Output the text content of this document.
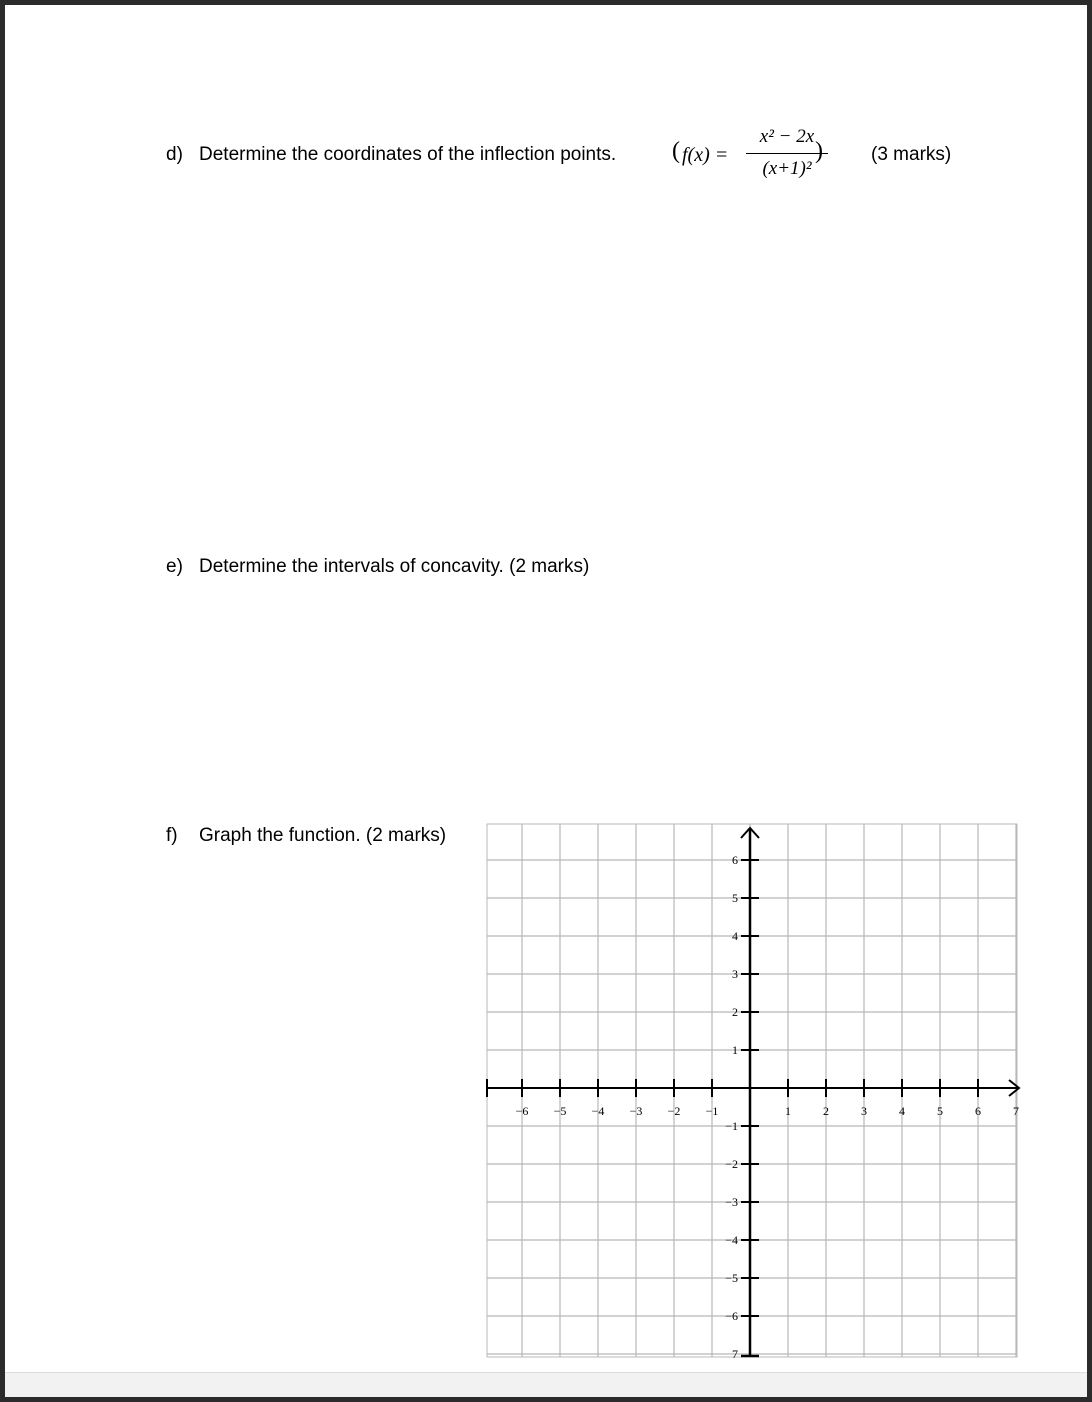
d) Determine the coordinates of the inflection points. ( f(x) =
x² − 2x
(x+1)²
)	(3 marks)
e) Determine the intervals of concavity. (2 marks)
f) Graph the function. (2 marks)
−6 −5 −4 −3 −2 −1	1	2	3	4	5	6	7
6
5
4
3
2
1
−1
−2
−3
−4
−5
−6
7
